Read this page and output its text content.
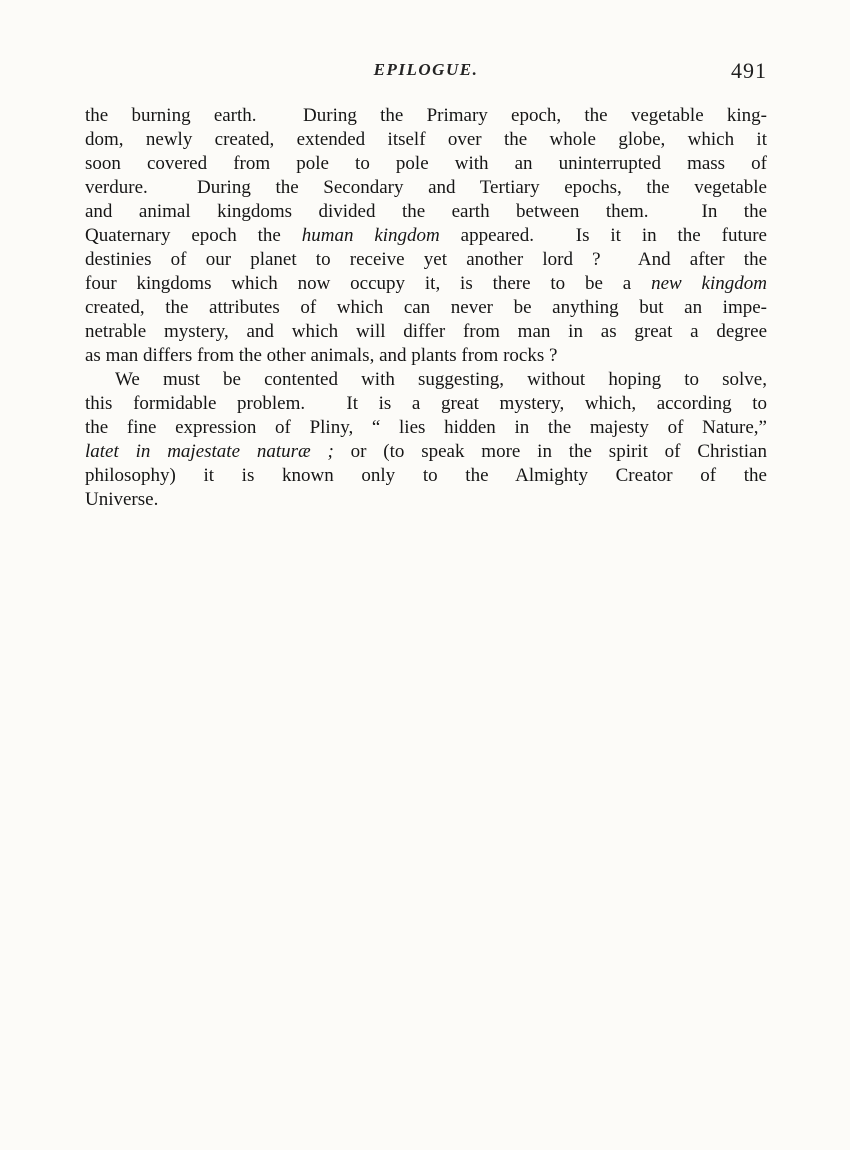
EPILOGUE.	491
the burning earth.  During the Primary epoch, the vegetable king-
dom, newly created, extended itself over the whole globe, which it
soon covered from pole to pole with an uninterrupted mass of
verdure.  During the Secondary and Tertiary epochs, the vegetable
and animal kingdoms divided the earth between them.  In the
Quaternary epoch the human kingdom appeared.  Is it in the future
destinies of our planet to receive yet another lord ?  And after the
four kingdoms which now occupy it, is there to be a new kingdom
created, the attributes of which can never be anything but an impe-
netrable mystery, and which will differ from man in as great a degree
as man differs from the other animals, and plants from rocks ?
We must be contented with suggesting, without hoping to solve,
this formidable problem.  It is a great mystery, which, according to
the fine expression of Pliny, “ lies hidden in the majesty of Nature,”
latet in majestate naturæ ; or (to speak more in the spirit of Christian
philosophy) it is known only to the Almighty Creator of the
Universe.
